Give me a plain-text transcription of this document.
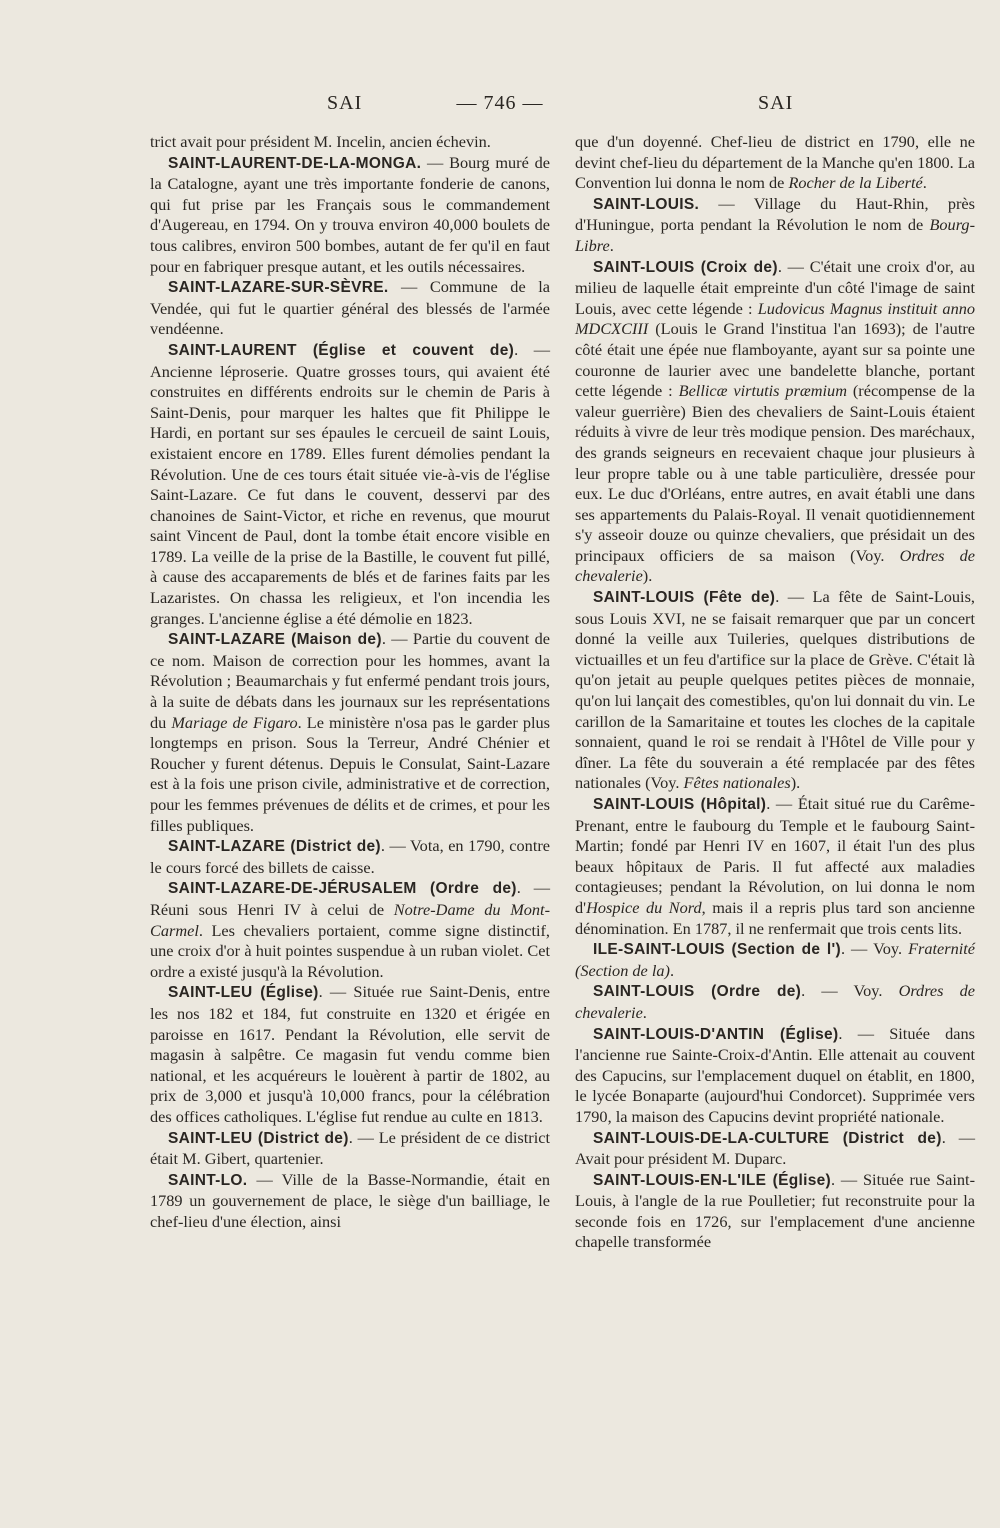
SAI	— 746 —	SAI

trict avait pour président M. Incelin, ancien échevin.

SAINT-LAURENT-DE-LA-MONGA. — Bourg muré de la Catalogne, ayant une très importante fonderie de canons, qui fut prise par les Français sous le commandement d'Augereau, en 1794. On y trouva environ 40,000 boulets de tous calibres, environ 500 bombes, autant de fer qu'il en faut pour en fabriquer presque autant, et les outils nécessaires.

SAINT-LAZARE-SUR-SÈVRE. — Commune de la Vendée, qui fut le quartier général des blessés de l'armée vendéenne.

SAINT-LAURENT (Église et couvent de). — Ancienne léproserie. Quatre grosses tours, qui avaient été construites en différents endroits sur le chemin de Paris à Saint-Denis, pour marquer les haltes que fit Philippe le Hardi, en portant sur ses épaules le cercueil de saint Louis, existaient encore en 1789. Elles furent démolies pendant la Révolution. Une de ces tours était située vie-à-vis de l'église Saint-Lazare. Ce fut dans le couvent, desservi par des chanoines de Saint-Victor, et riche en revenus, que mourut saint Vincent de Paul, dont la tombe était encore visible en 1789. La veille de la prise de la Bastille, le couvent fut pillé, à cause des accaparements de blés et de farines faits par les Lazaristes. On chassa les religieux, et l'on incendia les granges. L'ancienne église a été démolie en 1823.

SAINT-LAZARE (Maison de). — Partie du couvent de ce nom. Maison de correction pour les hommes, avant la Révolution ; Beaumarchais y fut enfermé pendant trois jours, à la suite de débats dans les journaux sur les représentations du Mariage de Figaro. Le ministère n'osa pas le garder plus longtemps en prison. Sous la Terreur, André Chénier et Roucher y furent détenus. Depuis le Consulat, Saint-Lazare est à la fois une prison civile, administrative et de correction, pour les femmes prévenues de délits et de crimes, et pour les filles publiques.

SAINT-LAZARE (District de). — Vota, en 1790, contre le cours forcé des billets de caisse.

SAINT-LAZARE-DE-JÉRUSALEM (Ordre de). — Réuni sous Henri IV à celui de Notre-Dame du Mont-Carmel. Les chevaliers portaient, comme signe distinctif, une croix d'or à huit pointes suspendue à un ruban violet. Cet ordre a existé jusqu'à la Révolution.

SAINT-LEU (Église). — Située rue Saint-Denis, entre les nos 182 et 184, fut construite en 1320 et érigée en paroisse en 1617. Pendant la Révolution, elle servit de magasin à salpêtre. Ce magasin fut vendu comme bien national, et les acquéreurs le louèrent à partir de 1802, au prix de 3,000 et jusqu'à 10,000 francs, pour la célébration des offices catholiques. L'église fut rendue au culte en 1813.

SAINT-LEU (District de). — Le président de ce district était M. Gibert, quartenier.

SAINT-LO. — Ville de la Basse-Normandie, était en 1789 un gouvernement de place, le siège d'un bailliage, le chef-lieu d'une élection, ainsi

que d'un doyenné. Chef-lieu de district en 1790, elle ne devint chef-lieu du département de la Manche qu'en 1800. La Convention lui donna le nom de Rocher de la Liberté.

SAINT-LOUIS. — Village du Haut-Rhin, près d'Huningue, porta pendant la Révolution le nom de Bourg-Libre.

SAINT-LOUIS (Croix de). — C'était une croix d'or, au milieu de laquelle était empreinte d'un côté l'image de saint Louis, avec cette légende : Ludovicus Magnus instituit anno MDCXCIII (Louis le Grand l'institua l'an 1693); de l'autre côté était une épée nue flamboyante, ayant sur sa pointe une couronne de laurier avec une bandelette blanche, portant cette légende : Bellicæ virtutis præmium (récompense de la valeur guerrière) Bien des chevaliers de Saint-Louis étaient réduits à vivre de leur très modique pension. Des maréchaux, des grands seigneurs en recevaient chaque jour plusieurs à leur propre table ou à une table particulière, dressée pour eux. Le duc d'Orléans, entre autres, en avait établi une dans ses appartements du Palais-Royal. Il venait quotidiennement s'y asseoir douze ou quinze chevaliers, que présidait un des principaux officiers de sa maison (Voy. Ordres de chevalerie).

SAINT-LOUIS (Fête de). — La fête de Saint-Louis, sous Louis XVI, ne se faisait remarquer que par un concert donné la veille aux Tuileries, quelques distributions de victuailles et un feu d'artifice sur la place de Grève. C'était là qu'on jetait au peuple quelques petites pièces de monnaie, qu'on lui lançait des comestibles, qu'on lui donnait du vin. Le carillon de la Samaritaine et toutes les cloches de la capitale sonnaient, quand le roi se rendait à l'Hôtel de Ville pour y dîner. La fête du souverain a été remplacée par des fêtes nationales (Voy. Fêtes nationales).

SAINT-LOUIS (Hôpital). — Était situé rue du Carême-Prenant, entre le faubourg du Temple et le faubourg Saint-Martin; fondé par Henri IV en 1607, il était l'un des plus beaux hôpitaux de Paris. Il fut affecté aux maladies contagieuses; pendant la Révolution, on lui donna le nom d'Hospice du Nord, mais il a repris plus tard son ancienne dénomination. En 1787, il ne renfermait que trois cents lits.

ILE-SAINT-LOUIS (Section de l'). — Voy. Fraternité (Section de la).

SAINT-LOUIS (Ordre de). — Voy. Ordres de chevalerie.

SAINT-LOUIS-D'ANTIN (Église). — Située dans l'ancienne rue Sainte-Croix-d'Antin. Elle attenait au couvent des Capucins, sur l'emplacement duquel on établit, en 1800, le lycée Bonaparte (aujourd'hui Condorcet). Supprimée vers 1790, la maison des Capucins devint propriété nationale.

SAINT-LOUIS-DE-LA-CULTURE (District de). — Avait pour président M. Duparc.

SAINT-LOUIS-EN-L'ILE (Église). — Située rue Saint-Louis, à l'angle de la rue Poulletier; fut reconstruite pour la seconde fois en 1726, sur l'emplacement d'une ancienne chapelle transformée
